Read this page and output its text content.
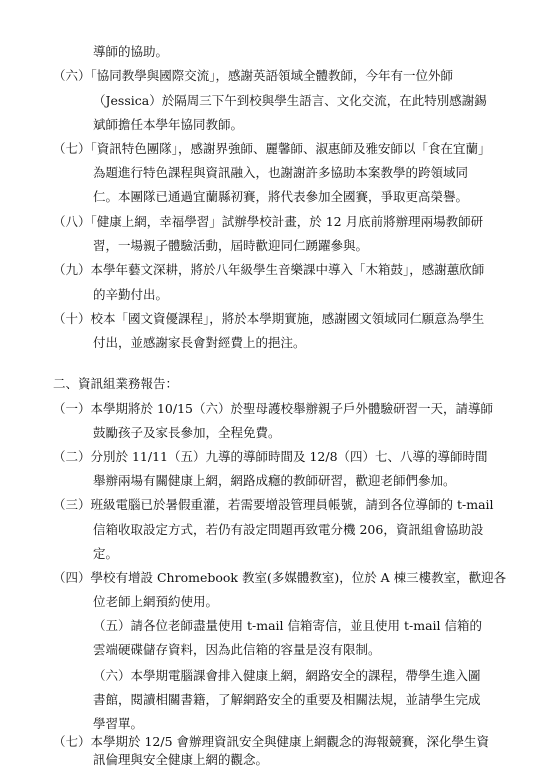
導師的協助。
（六）「協同教學與國際交流」，感謝英語領域全體教師，今年有一位外師
（Jessica）於隔周三下午到校與學生語言、文化交流，在此特別感謝錫
斌師擔任本學年協同教師。
（七）「資訊特色團隊」，感謝界強師、麗馨師、淑惠師及雅安師以「食在宜蘭」
為題進行特色課程與資訊融入，也謝謝許多協助本案教學的跨領域同
仁。本團隊已通過宜蘭縣初賽，將代表參加全國賽，爭取更高榮譽。
（八）「健康上網，幸福學習」試辦學校計畫，於 12 月底前將辦理兩場教師研
習，一場親子體驗活動，屆時歡迎同仁踴躍參與。
（九）本學年藝文深耕，將於八年級學生音樂課中導入「木箱鼓」，感謝蕙欣師
的辛勤付出。
（十）校本「國文資優課程」，將於本學期實施，感謝國文領域同仁願意為學生
付出，並感謝家長會對經費上的挹注。
二、資訊組業務報告：
（一）本學期將於 10/15（六）於聖母護校舉辦親子戶外體驗研習一天，請導師
鼓勵孩子及家長參加，全程免費。
（二）分別於 11/11（五）九導的導師時間及 12/8（四）七、八導的導師時間
舉辦兩場有關健康上網，網路成癮的教師研習，歡迎老師們參加。
（三）班級電腦已於暑假重灌，若需要增設管理員帳號，請到各位導師的 t-mail
信箱收取設定方式，若仍有設定問題再致電分機 206，資訊組會協助設
定。
（四）學校有增設 Chromebook 教室(多媒體教室)，位於 A 棟三樓教室，歡迎各
位老師上網預約使用。
（五）請各位老師盡量使用 t-mail 信箱寄信，並且使用 t-mail 信箱的
雲端硬碟儲存資料，因為此信箱的容量是沒有限制。
（六）本學期電腦課會排入健康上網，網路安全的課程，帶學生進入圖
書館，閱讀相關書籍，了解網路安全的重要及相關法規，並請學生完成
學習單。
（七）本學期於 12/5 會辦理資訊安全與健康上網觀念的海報競賽，深化學生資
訊倫理與安全健康上網的觀念。
